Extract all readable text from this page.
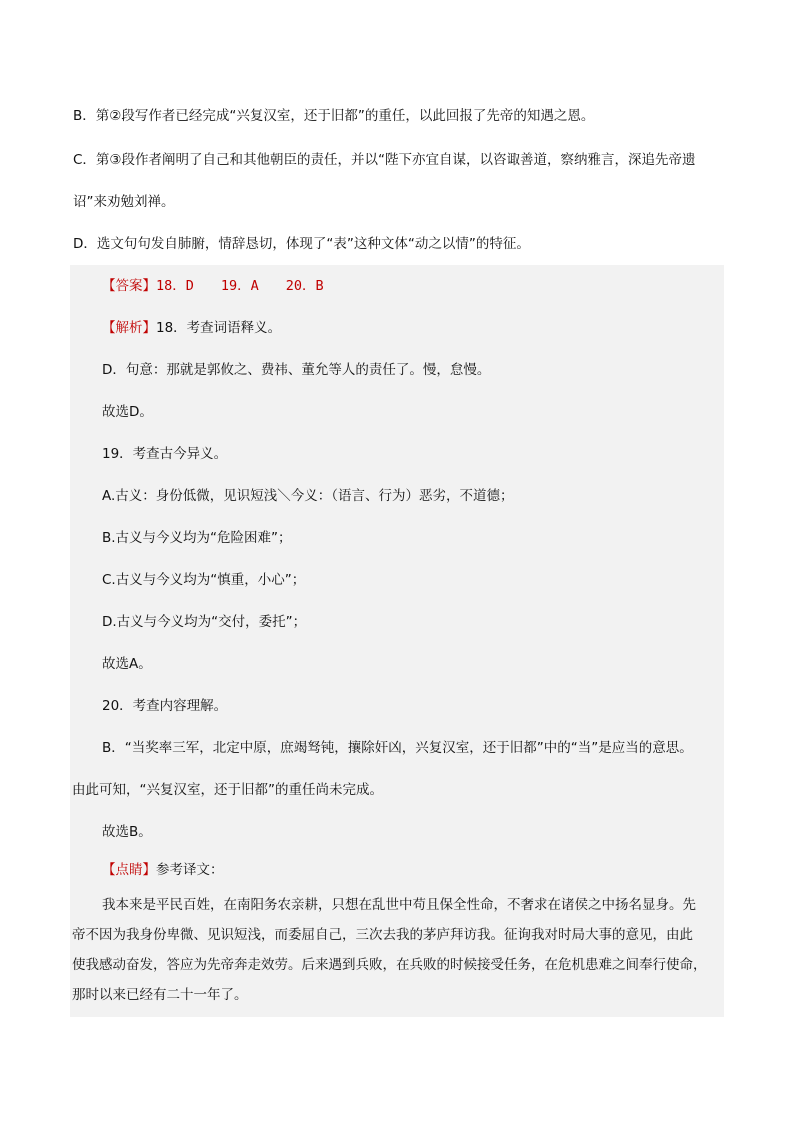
B．第②段写作者已经完成“兴复汉室，还于旧都”的重任，以此回报了先帝的知遇之恩。

C．第③段作者阐明了自己和其他朝臣的责任，并以“陛下亦宜自谋，以咨诹善道，察纳雅言，深追先帝遗

诏”来劝勉刘禅。

D．选文句句发自肺腑，情辞恳切，体现了“表”这种文体“动之以情”的特征。

【答案】18．D　　19．A　　20．B

【解析】18．考查词语释义。

D．句意：那就是郭攸之、费祎、董允等人的责任了。慢，怠慢。

故选D。

19．考查古今异义。

A.古义：身份低微，见识短浅＼今义：（语言、行为）恶劣，不道德；

B.古义与今义均为“危险困难”；

C.古义与今义均为“慎重，小心”；

D.古义与今义均为“交付，委托”；

故选A。

20．考查内容理解。

B．“当奖率三军，北定中原，庶竭驽钝，攘除奸凶，兴复汉室，还于旧都”中的“当”是应当的意思。

由此可知，“兴复汉室，还于旧都”的重任尚未完成。

故选B。

【点睛】参考译文：

我本来是平民百姓，在南阳务农亲耕，只想在乱世中苟且保全性命，不奢求在诸侯之中扬名显身。先

帝不因为我身份卑微、见识短浅，而委屈自己，三次去我的茅庐拜访我。征询我对时局大事的意见，由此

使我感动奋发，答应为先帝奔走效劳。后来遇到兵败，在兵败的时候接受任务，在危机患难之间奉行使命，

那时以来已经有二十一年了。
